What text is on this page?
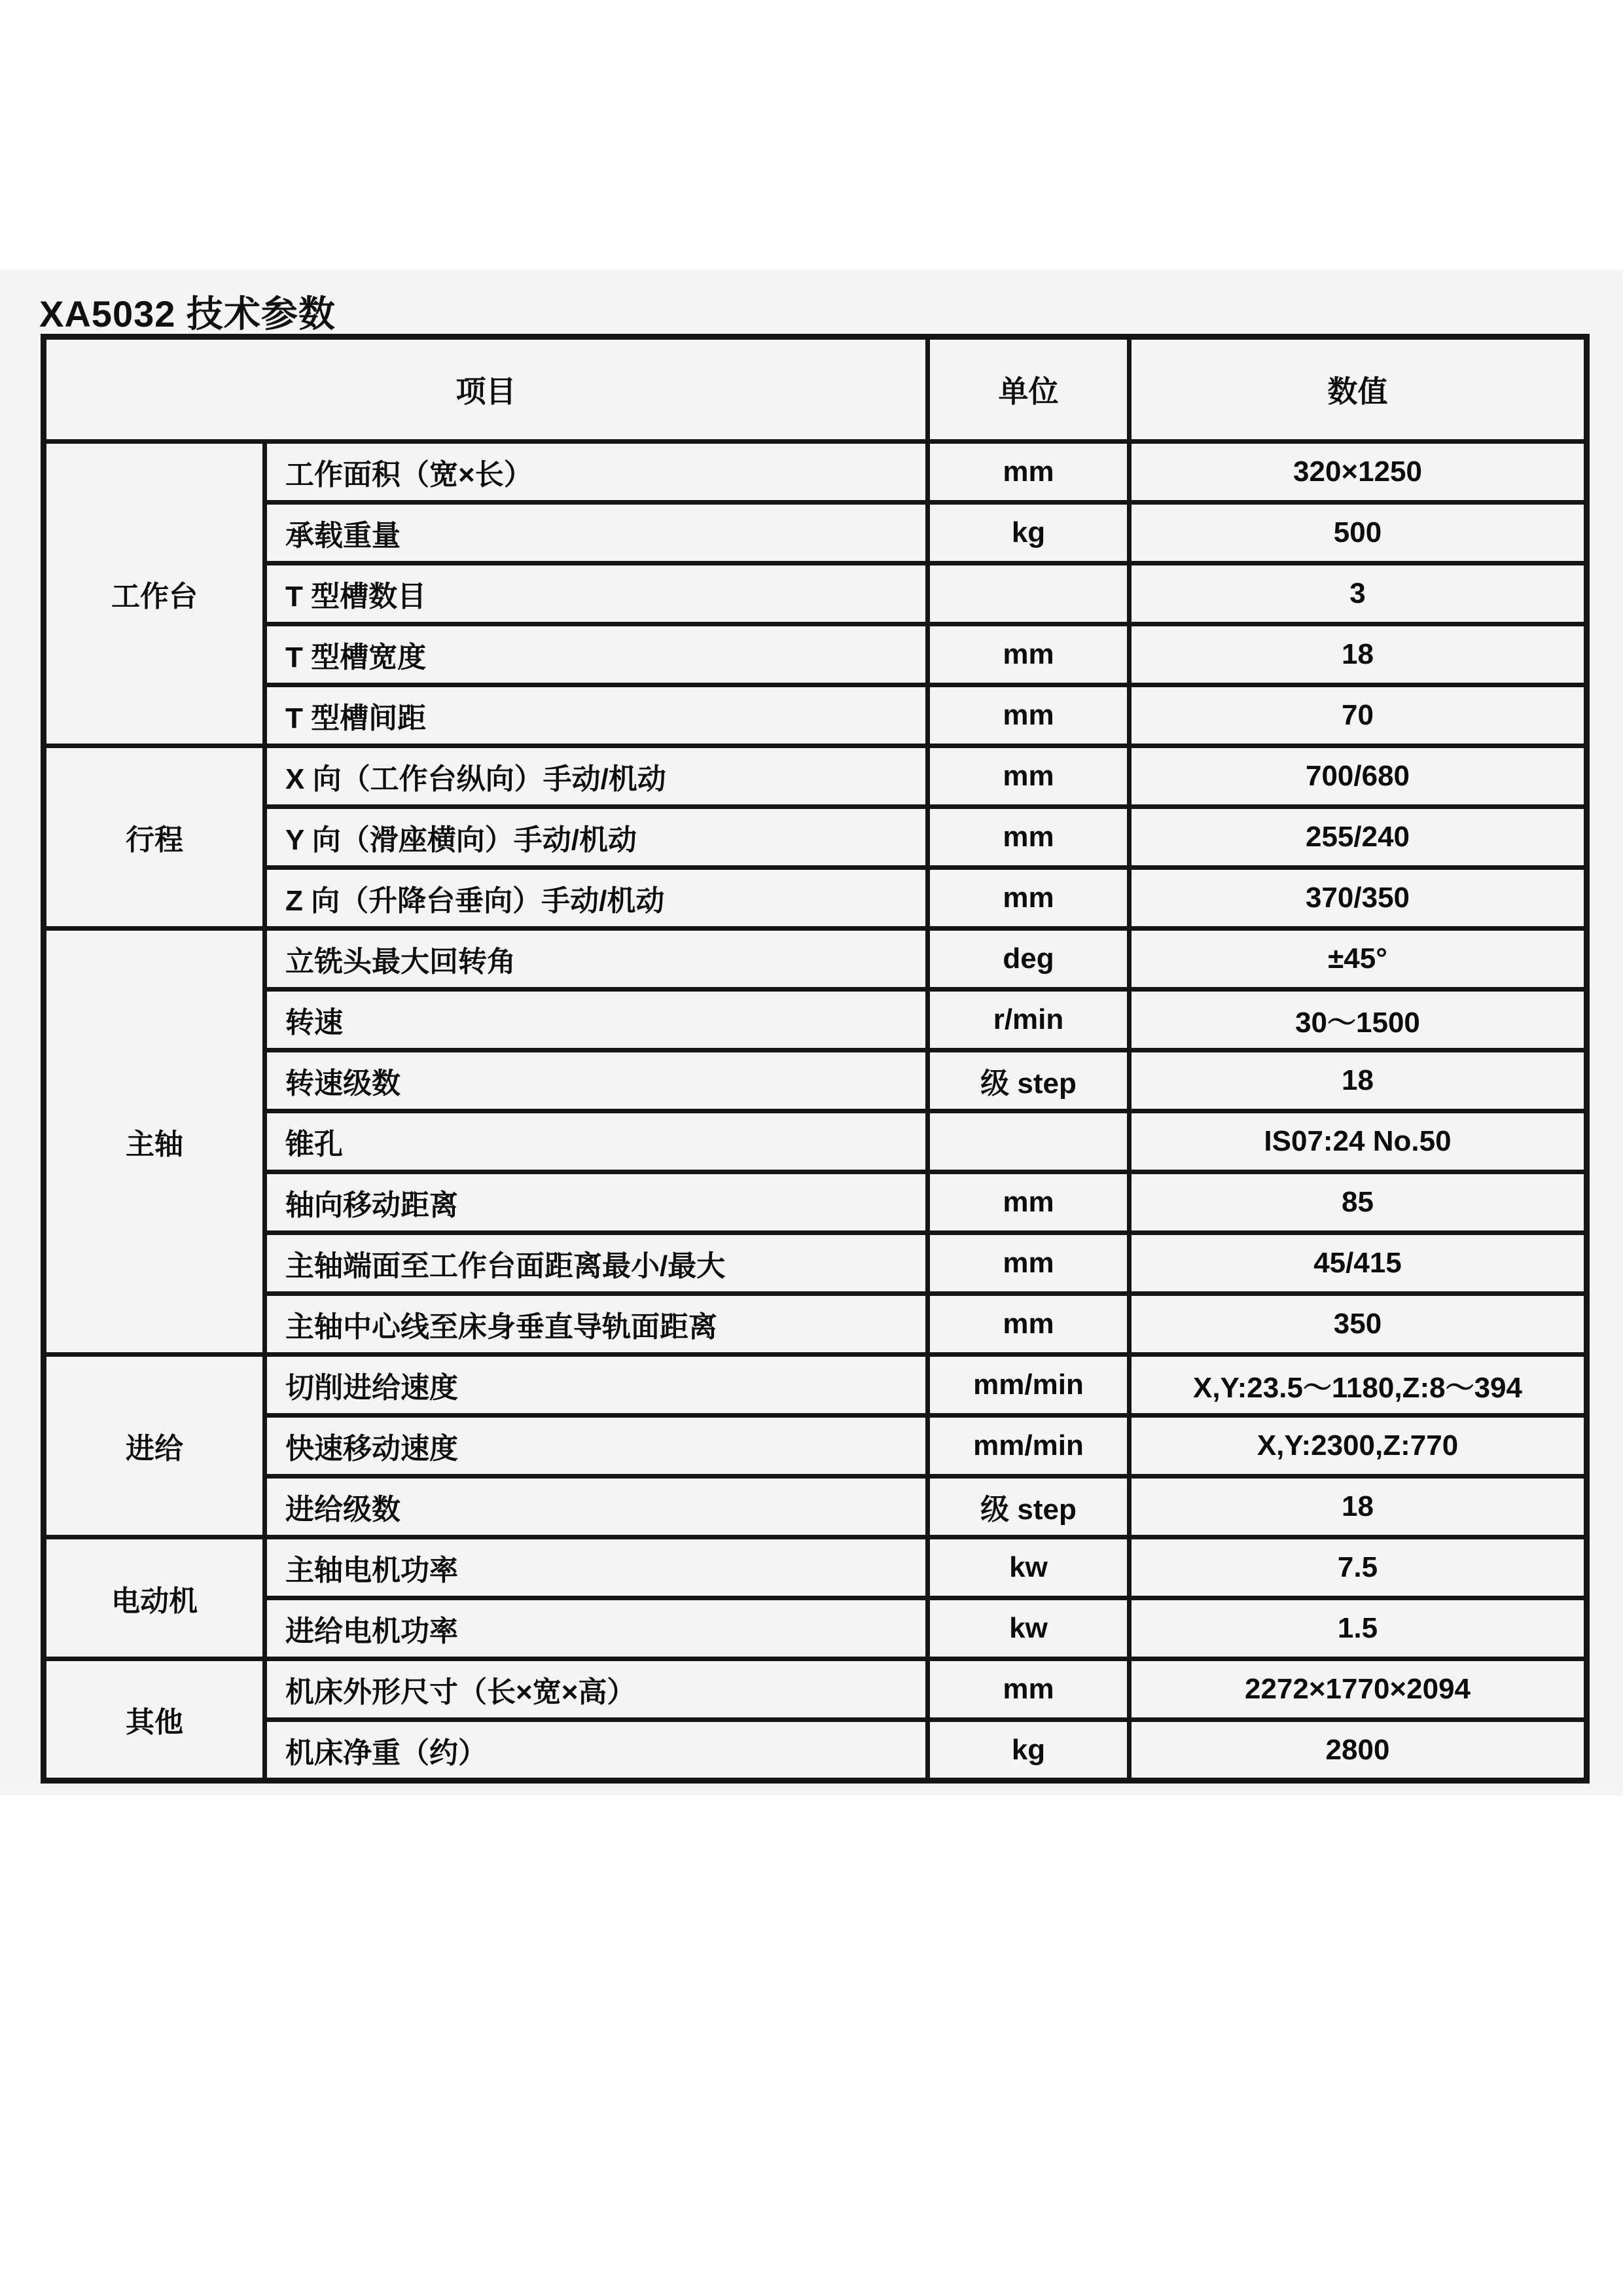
XA5032 技术参数
项目		单位	数值
工作台	工作面积（宽×长）	mm	320×1250
	承载重量	kg	500
	T 型槽数目		3
	T 型槽宽度	mm	18
	T 型槽间距	mm	70
行程	X 向（工作台纵向）手动/机动	mm	700/680
	Y 向（滑座横向）手动/机动	mm	255/240
	Z 向（升降台垂向）手动/机动	mm	370/350
主轴	立铣头最大回转角	deg	±45°
	转速	r/min	30～1500
	转速级数	级 step	18
	锥孔		IS07:24 No.50
	轴向移动距离	mm	85
	主轴端面至工作台面距离最小/最大	mm	45/415
	主轴中心线至床身垂直导轨面距离	mm	350
进给	切削进给速度	mm/min	X,Y:23.5～1180,Z:8～394
	快速移动速度	mm/min	X,Y:2300,Z:770
	进给级数	级 step	18
电动机	主轴电机功率	kw	7.5
	进给电机功率	kw	1.5
其他	机床外形尺寸（长×宽×高）	mm	2272×1770×2094
	机床净重（约）	kg	2800
